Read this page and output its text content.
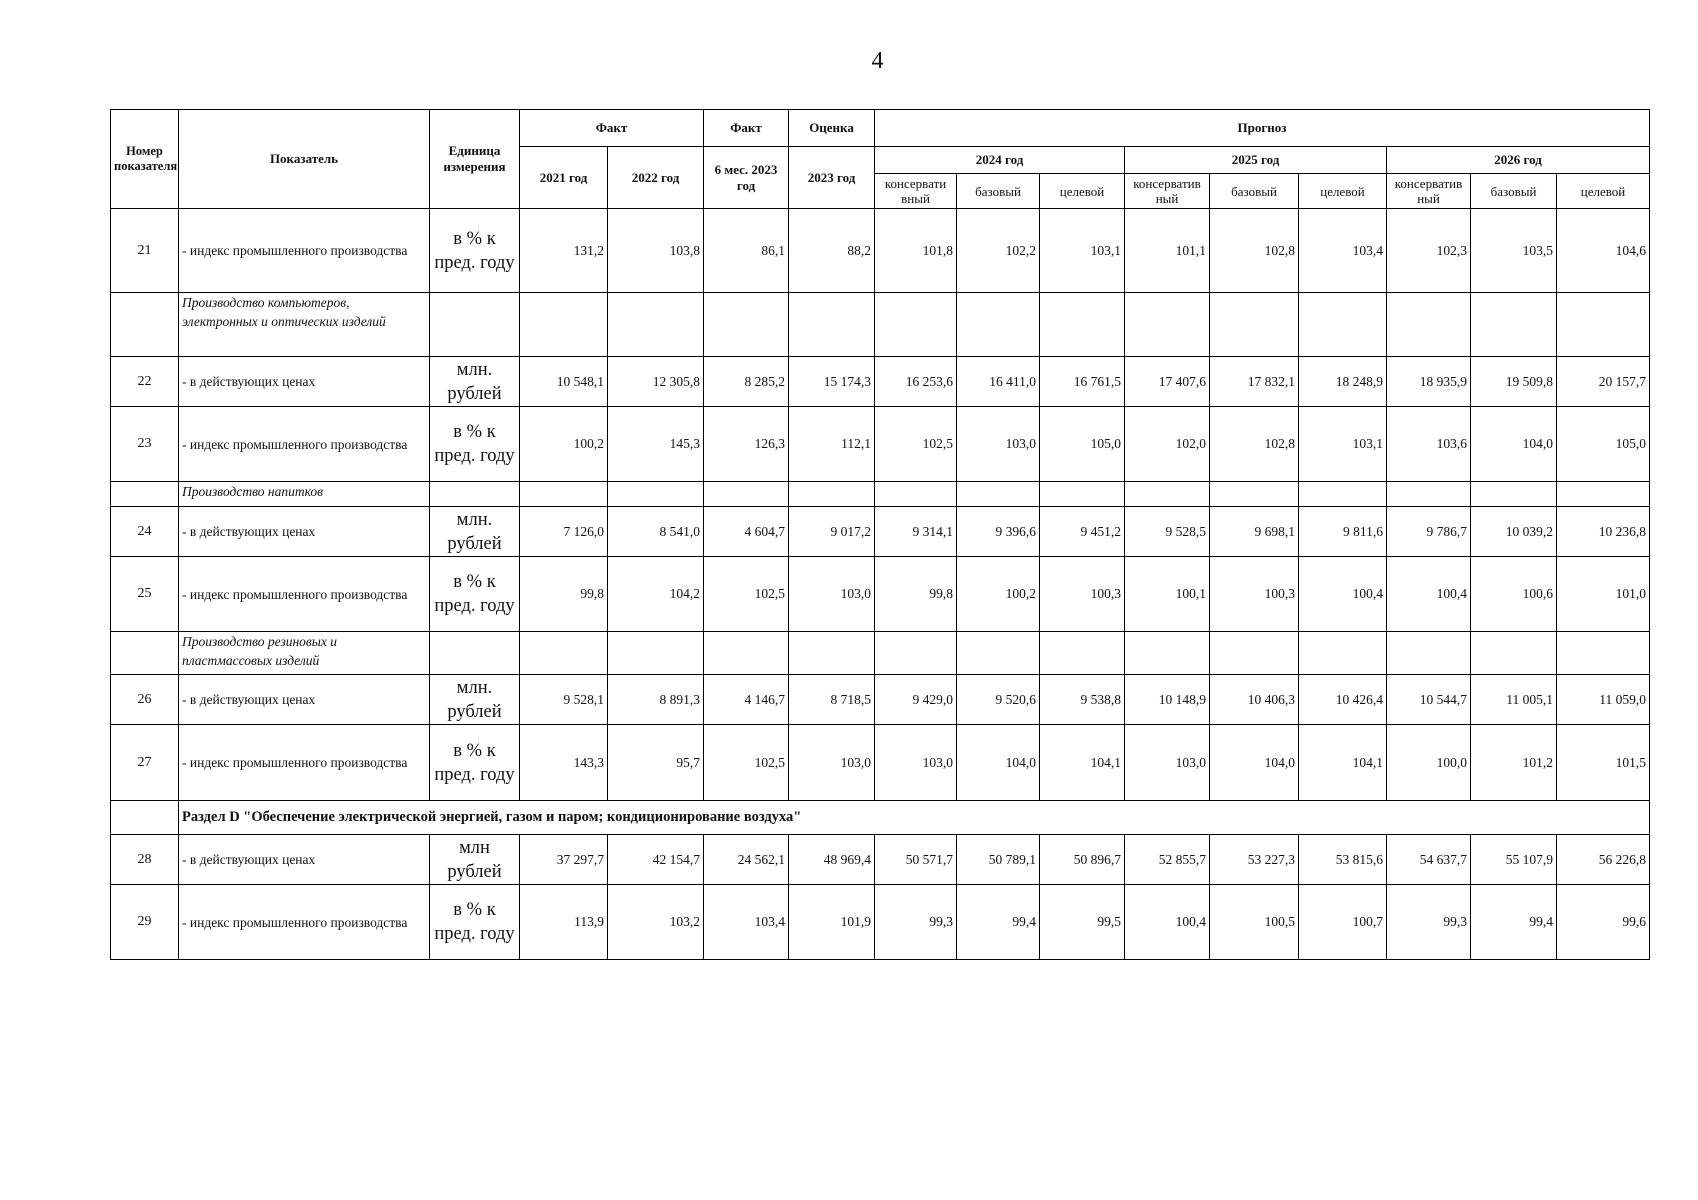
4
Номер показателя	Показатель	Единица измерения	Факт		Факт	Оценка	Прогноз								
			2021 год	2022 год	6 мес. 2023 год	2023 год	2024 год			2025 год			2026 год		
							консервати вный	базовый	целевой	консерватив ный	базовый	целевой	консерватив ный	базовый	целевой
21	- индекс промышленного производства	в % к пред. году	131,2	103,8	86,1	88,2	101,8	102,2	103,1	101,1	102,8	103,4	102,3	103,5	104,6
	Производство компьютеров, электронных и оптических изделий														
22	- в действующих ценах	млн. рублей	10 548,1	12 305,8	8 285,2	15 174,3	16 253,6	16 411,0	16 761,5	17 407,6	17 832,1	18 248,9	18 935,9	19 509,8	20 157,7
23	- индекс промышленного производства	в % к пред. году	100,2	145,3	126,3	112,1	102,5	103,0	105,0	102,0	102,8	103,1	103,6	104,0	105,0
	Производство напитков														
24	- в действующих ценах	млн. рублей	7 126,0	8 541,0	4 604,7	9 017,2	9 314,1	9 396,6	9 451,2	9 528,5	9 698,1	9 811,6	9 786,7	10 039,2	10 236,8
25	- индекс промышленного производства	в % к пред. году	99,8	104,2	102,5	103,0	99,8	100,2	100,3	100,1	100,3	100,4	100,4	100,6	101,0
	Производство резиновых и пластмассовых изделий														
26	- в действующих ценах	млн. рублей	9 528,1	8 891,3	4 146,7	8 718,5	9 429,0	9 520,6	9 538,8	10 148,9	10 406,3	10 426,4	10 544,7	11 005,1	11 059,0
27	- индекс промышленного производства	в % к пред. году	143,3	95,7	102,5	103,0	103,0	104,0	104,1	103,0	104,0	104,1	100,0	101,2	101,5
	Раздел D "Обеспечение электрической энергией, газом и паром; кондиционирование воздуха"														
28	- в действующих ценах	млн рублей	37 297,7	42 154,7	24 562,1	48 969,4	50 571,7	50 789,1	50 896,7	52 855,7	53 227,3	53 815,6	54 637,7	55 107,9	56 226,8
29	- индекс промышленного производства	в % к пред. году	113,9	103,2	103,4	101,9	99,3	99,4	99,5	100,4	100,5	100,7	99,3	99,4	99,6
